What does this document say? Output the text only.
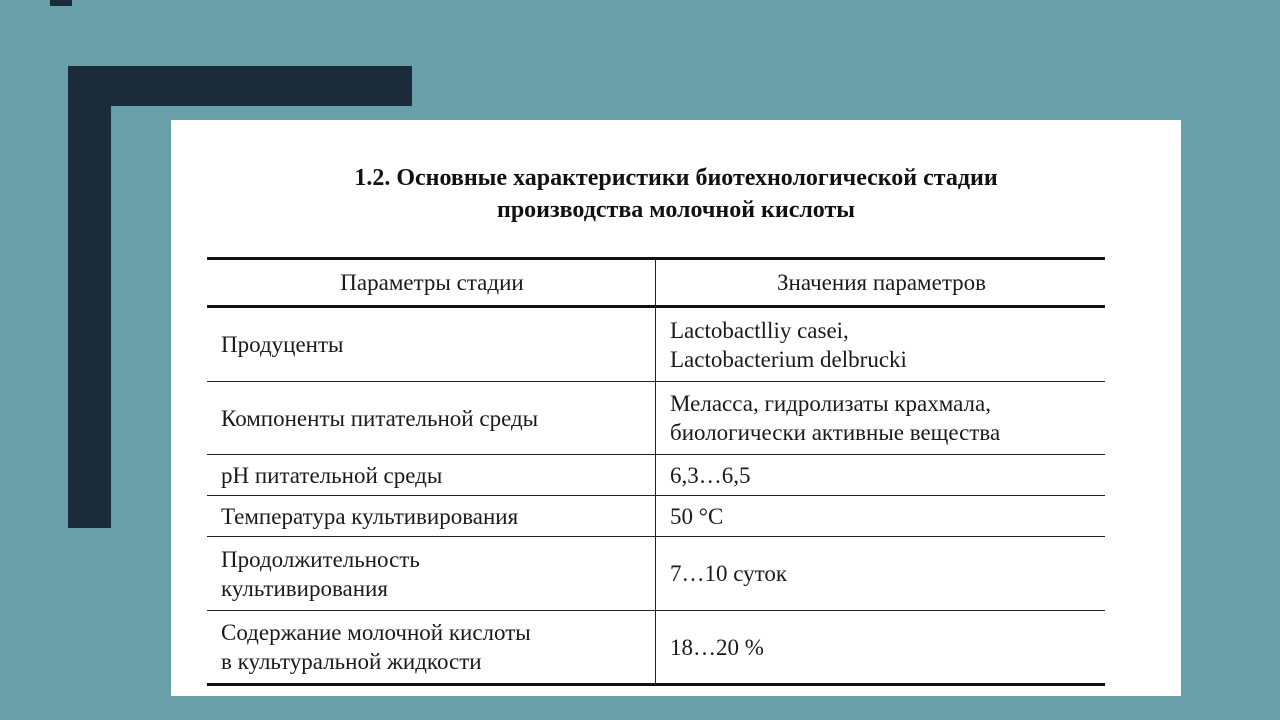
1.2. Основные характеристики биотехнологической стадии
производства молочной кислоты
Параметры стадии	Значения параметров

Продуценты	Lactobactlliy casei,
Lactobacterium delbrucki

Компоненты питательной среды	Меласса, гидролизаты крахмала,
биологически активные вещества

pH питательной среды	6,3…6,5

Температура культивирования	50 °C

Продолжительность
культивирования	7…10 суток

Содержание молочной кислоты
в культуральной жидкости	18…20 %
